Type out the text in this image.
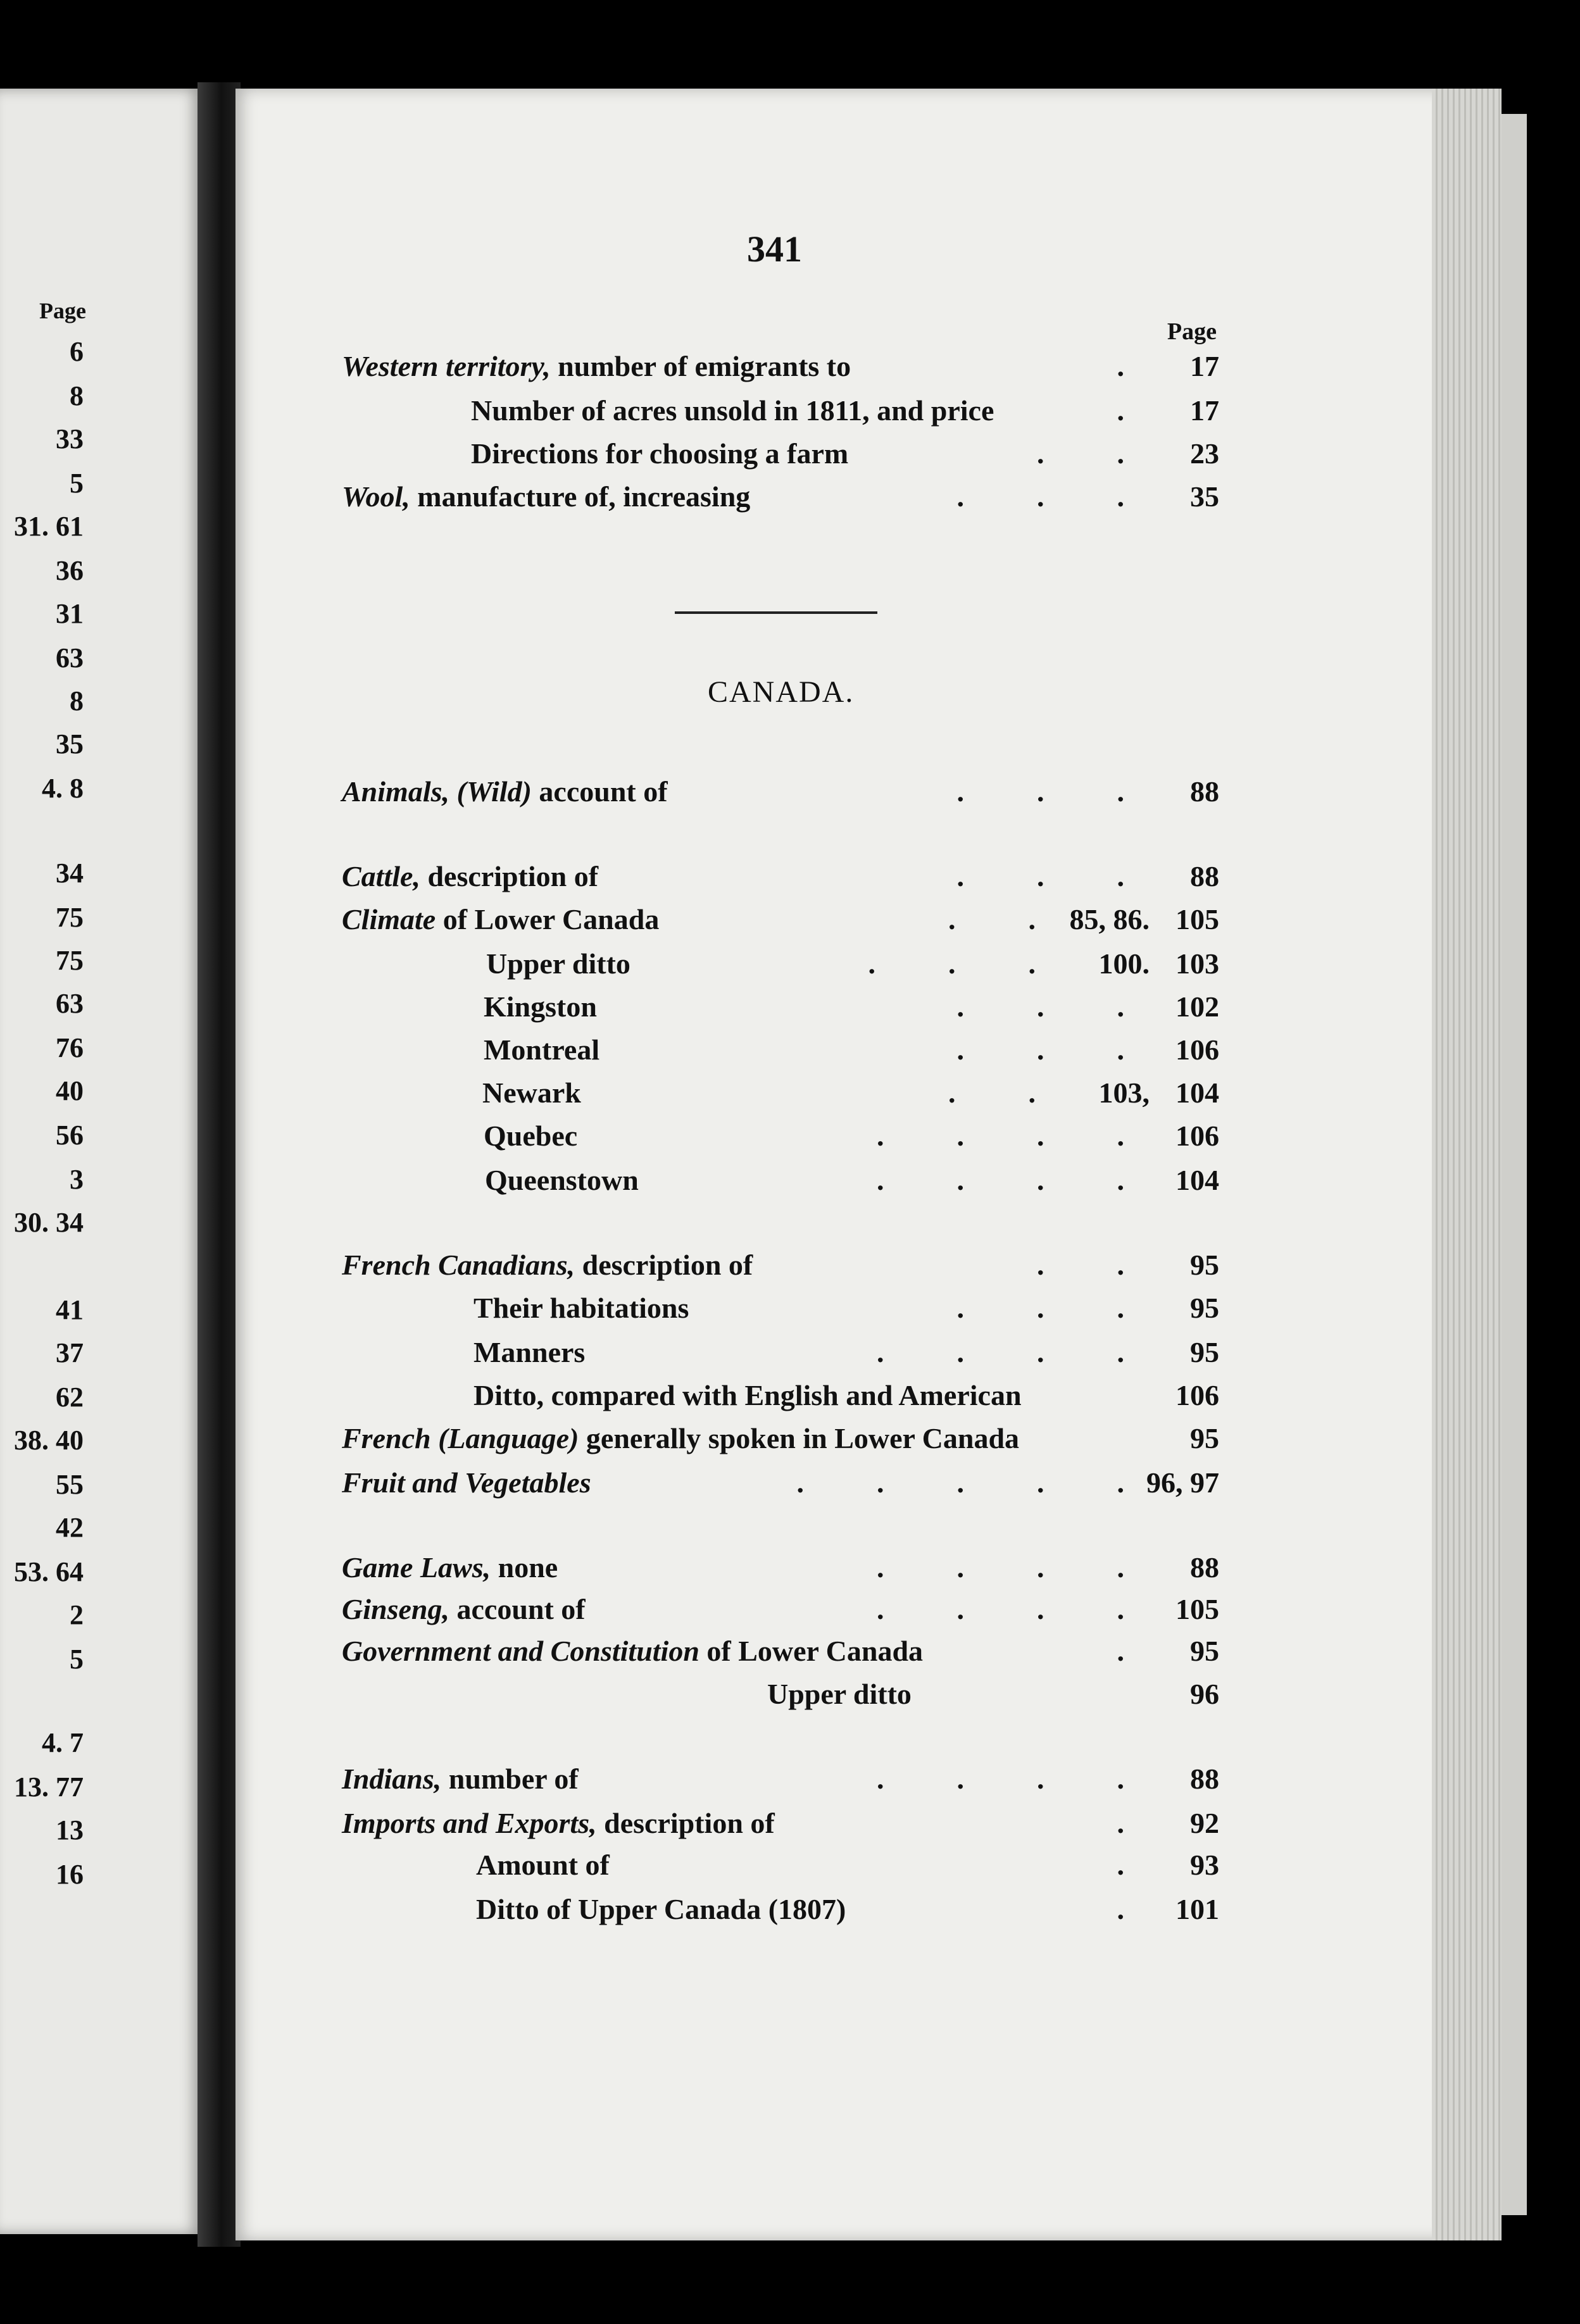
Page
6
8
33
5
31. 61
36
31
63
8
35
4. 8
34
75
75
63
76
40
56
3
30. 34
41
37
62
38. 40
55
42
53. 64
2
5
4. 7
13. 77
13
16
341
Page
Western territory, number of emigrants to	. 17
Number of acres unsold in 1811, and price	. 17
Directions for choosing a farm	.          . 23
Wool, manufacture of, increasing	.          .          . 35
CANADA.
Animals, (Wild) account of	.          .          . 88
Cattle, description of	.          .          . 88
Climate of Lower Canada	.          . 85, 86. 105
Upper ditto	.          .          . 100. 103
Kingston	.          .          . 102
Montreal	.          .          . 106
Newark	.          . 103, 104
Quebec	.          .          .          . 106
Queenstown	.          .          .          . 104
French Canadians, description of	.          . 95
Their habitations	.          .          . 95
Manners	.          .          .          . 95
Ditto, compared with English and American	106
French (Language) generally spoken in Lower Canada	95
Fruit and Vegetables	.          .          .          .          . 96, 97
Game Laws, none	.          .          .          . 88
Ginseng, account of	.          .          .          . 105
Government and Constitution of Lower Canada	. 95
Upper ditto	96
Indians, number of	.          .          .          . 88
Imports and Exports, description of	. 92
Amount of	. 93
Ditto of Upper Canada (1807)	. 101
